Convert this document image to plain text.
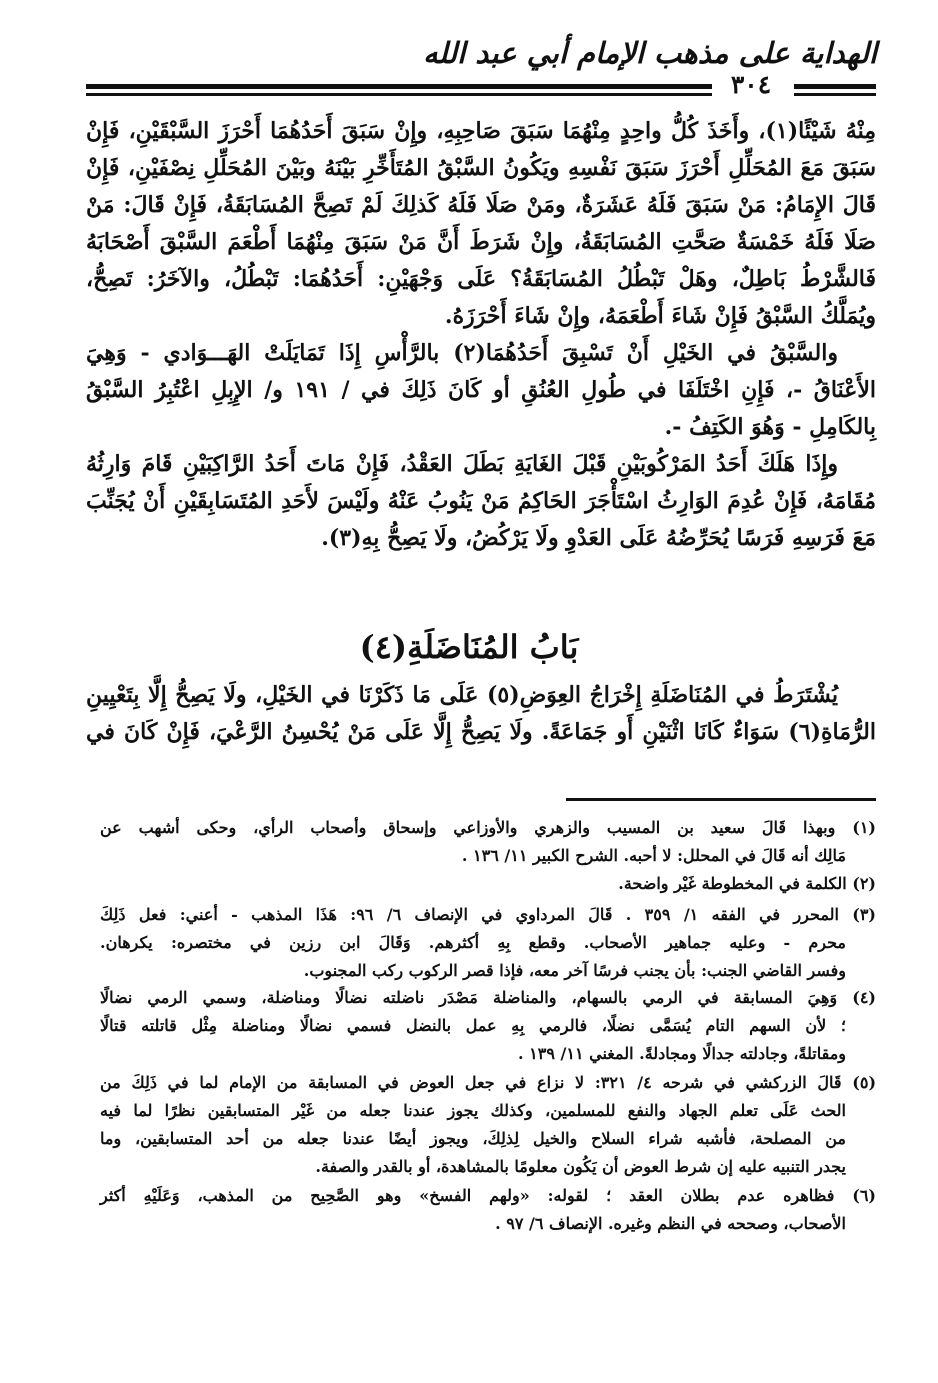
الهداية على مذهب الإمام أبي عبد الله
٣٠٤
مِنْهُ شَيْئًا(١)، وأَخَذَ كُلُّ واحِدٍ مِنْهُمَا سَبَقَ صَاحِبِهِ، وإِنْ سَبَقَ أَحَدُهُمَا أَحْرَزَ السَّبْقَيْنِ، فَإِنْ
سَبَقَ مَعَ المُحَلِّلِ أَحْرَزَ سَبَقَ نَفْسِهِ ويَكُونُ السَّبْقُ المُتَأَخِّرِ بَيْنَهُ وبَيْنَ المُحَلِّلِ نِصْفَيْنِ، فَإِنْ
قَالَ الإِمَامُ: مَنْ سَبَقَ فَلَهُ عَشَرَةٌ، ومَنْ صَلَا فَلَهُ كَذلِكَ لَمْ تَصِحَّ المُسَابَقَةُ، فَإِنْ قَالَ: مَنْ
صَلَا فَلَهُ خَمْسَةٌ صَحَّتِ المُسَابَقَةُ، وإِنْ شَرَطَ أَنَّ مَنْ سَبَقَ مِنْهُمَا أَطْعَمَ السَّبْقَ أَصْحَابَهُ
فَالشَّرْطُ بَاطِلٌ، وهَلْ تَبْطُلُ المُسَابَقَةُ؟ عَلَى وَجْهَيْنِ: أَحَدُهُمَا: تَبْطُلُ، والآخَرُ: تَصِحُّ،
ويُمَلَّكُ السَّبْقُ فَإِنْ شَاءَ أَطْعَمَهُ، وإِنْ شَاءَ أَحْرَزَهُ.
والسَّبْقُ في الخَيْلِ أَنْ تَسْبِقَ أَحَدُهُمَا(٢) بالرَّأْسِ إِذَا تَمَايَلَتْ الهَـــوَادي - وَهِيَ
الأَعْنَاقُ -، فَإِنِ اخْتَلَفَا في طُولِ العُنُقِ أو كَانَ ذَلِكَ في / ١٩١ و/ الإِبِلِ اعْتُبِرُ السَّبْقُ
بِالكَامِلِ - وَهُوَ الكَتِفُ -.
وإِذَا هَلَكَ أَحَدُ المَرْكُوبَيْنِ قَبْلَ الغَايَةِ بَطَلَ العَقْدُ، فَإِنْ مَاتَ أَحَدُ الرَّاكِبَيْنِ قَامَ وَارِثُهُ
مُقَامَهُ، فَإِنْ عُدِمَ الوَارِثُ اسْتَأْجَرَ الحَاكِمُ مَنْ يَنُوبُ عَنْهُ ولَيْسَ لأَحَدِ المُتَسَابِقَيْنِ أَنْ يُجَنِّبَ
مَعَ فَرَسِهِ فَرَسًا يُحَرِّضُهُ عَلَى العَدْوِ ولَا يَرْكُضُ، ولَا يَصِحُّ بِهِ(٣).
بَابُ المُنَاضَلَةِ(٤)
يُشْتَرَطُ في المُنَاضَلَةِ إِخْرَاجُ العِوَضِ(٥) عَلَى مَا ذَكَرْنَا في الخَيْلِ، ولَا يَصِحُّ إِلَّا بِتَعْيِينِ
الرُّمَاةِ(٦) سَوَاءٌ كَانَا اثْنَيْنِ أَو جَمَاعَةً. ولَا يَصِحُّ إِلَّا عَلَى مَنْ يُحْسِنُ الرَّعْيَ، فَإِنْ كَانَ في
(١) وبهذا قَالَ سعيد بن المسيب والزهري والأوزاعي وإسحاق وأصحاب الرأي، وحكى أشهب عن
مَالِك أنه قَالَ في المحلل: لا أحبه. الشرح الكبير ١١/ ١٣٦ .
(٢) الكلمة في المخطوطة غَيْر واضحة.
(٣) المحرر في الفقه ١/ ٣٥٩ . قَالَ المرداوي في الإنصاف ٦/ ٩٦: هَذَا المذهب - أعني: فعل ذَلِكَ
محرم - وعليه جماهير الأصحاب. وقطع بِهِ أكثرهم. وَقَالَ ابن رزين في مختصره: يكرهان.
وفسر القاضي الجنب: بأن يجنب فرسًا آخر معه، فإذا قصر الركوب ركب المجنوب.
(٤) وَهِيَ المسابقة في الرمي بالسهام، والمناضلة مَصْدَر ناضلته نضالًا ومناضلة، وسمي الرمي نضالًا
؛ لأن السهم التام يُسَمَّى نضلًا، فالرمي بِهِ عمل بالنضل فسمي نضالًا ومناضلة مِثْل قاتلته قتالًا
ومقاتلةً، وجادلته جدالًا ومجادلةً. المغني ١١/ ١٣٩ .
(٥) قَالَ الزركشي في شرحه ٤/ ٣٢١: لا نزاع في جعل العوض في المسابقة من الإمام لما في ذَلِكَ من
الحث عَلَى تعلم الجهاد والنفع للمسلمين، وكذلك يجوز عندنا جعله من غَيْر المتسابقين نظرًا لما فيه
من المصلحة، فأشبه شراء السلاح والخيل لِذلِكَ، ويجوز أيضًا عندنا جعله من أحد المتسابقين، وما
يجدر التنبيه عليه إن شرط العوض أن يَكُون معلومًا بالمشاهدة، أو بالقدر والصفة.
(٦) فظاهره عدم بطلان العقد ؛ لقوله: «ولهم الفسخ» وهو الصَّحِيح من المذهب، وَعَلَيْهِ أكثر
الأصحاب، وصححه في النظم وغيره. الإنصاف ٦/ ٩٧ .
